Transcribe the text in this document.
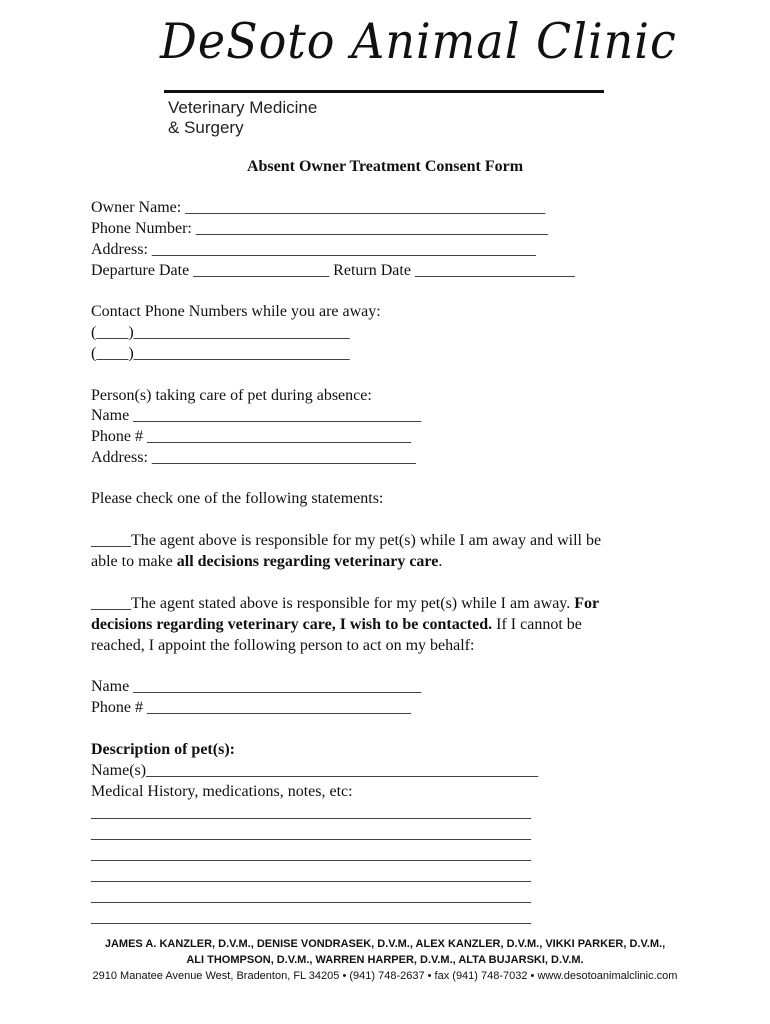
DeSoto Animal Clinic
Veterinary Medicine
& Surgery
Absent Owner Treatment Consent Form
Owner Name: _____________________________________________
Phone Number: ____________________________________________
Address: ________________________________________________
Departure Date _________________ Return Date ____________________
Contact Phone Numbers while you are away:
(____)___________________________
(____)___________________________
Person(s) taking care of pet during absence:
Name ____________________________________
Phone # _________________________________
Address: _________________________________
Please check one of the following statements:
_____The agent above is responsible for my pet(s) while I am away and will be
able to make all decisions regarding veterinary care.
_____The agent stated above is responsible for my pet(s) while I am away. For
decisions regarding veterinary care, I wish to be contacted. If I cannot be
reached, I appoint the following person to act on my behalf:
Name ____________________________________
Phone # _________________________________
Description of pet(s):
Name(s)_________________________________________________
Medical History, medications, notes, etc:
_______________________________________________________
_______________________________________________________
_______________________________________________________
_______________________________________________________
_______________________________________________________
_______________________________________________________
JAMES A. KANZLER, D.V.M., DENISE VONDRASEK, D.V.M., ALEX KANZLER, D.V.M., VIKKI PARKER, D.V.M.,
ALI THOMPSON, D.V.M., WARREN HARPER, D.V.M., ALTA BUJARSKI, D.V.M.
2910 Manatee Avenue West, Bradenton, FL 34205 • (941) 748-2637 • fax (941) 748-7032 • www.desotoanimalclinic.com
